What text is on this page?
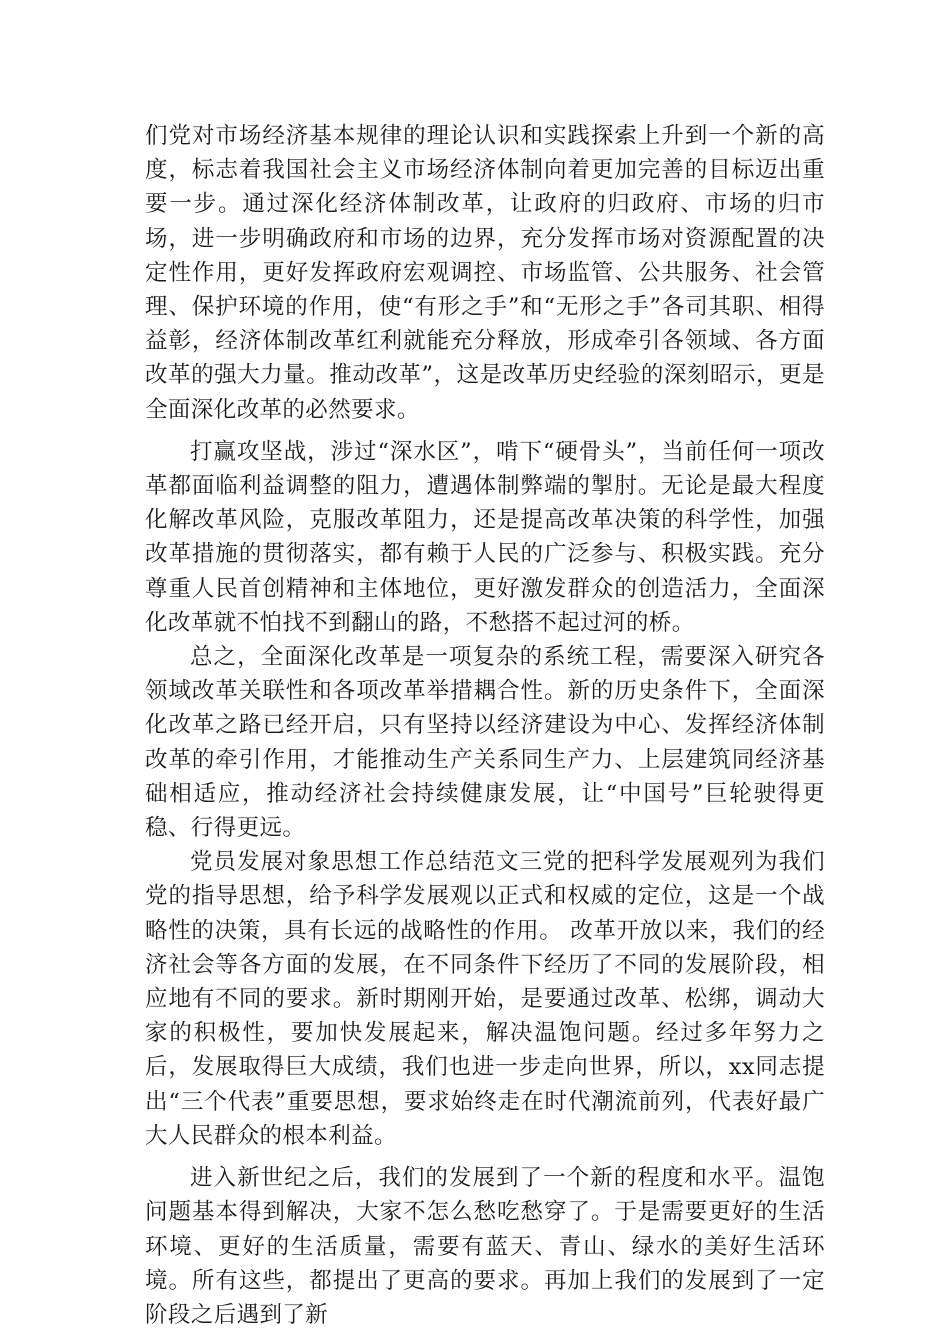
们党对市场经济基本规律的理论认识和实践探索上升到一个新的高度，标志着我国社会主义市场经济体制向着更加完善的目标迈出重要一步。通过深化经济体制改革，让政府的归政府、市场的归市场，进一步明确政府和市场的边界，充分发挥市场对资源配置的决定性作用，更好发挥政府宏观调控、市场监管、公共服务、社会管理、保护环境的作用，使“有形之手”和“无形之手”各司其职、相得益彰，经济体制改革红利就能充分释放，形成牵引各领域、各方面改革的强大力量。推动改革”，这是改革历史经验的深刻昭示，更是全面深化改革的必然要求。

打赢攻坚战，涉过“深水区”，啃下“硬骨头”，当前任何一项改革都面临利益调整的阻力，遭遇体制弊端的掣肘。无论是最大程度化解改革风险，克服改革阻力，还是提高改革决策的科学性，加强改革措施的贯彻落实，都有赖于人民的广泛参与、积极实践。充分尊重人民首创精神和主体地位，更好激发群众的创造活力，全面深化改革就不怕找不到翻山的路，不愁搭不起过河的桥。

总之，全面深化改革是一项复杂的系统工程，需要深入研究各领域改革关联性和各项改革举措耦合性。新的历史条件下，全面深化改革之路已经开启，只有坚持以经济建设为中心、发挥经济体制改革的牵引作用，才能推动生产关系同生产力、上层建筑同经济基础相适应，推动经济社会持续健康发展，让“中国号”巨轮驶得更稳、行得更远。

党员发展对象思想工作总结范文三党的把科学发展观列为我们党的指导思想，给予科学发展观以正式和权威的定位，这是一个战略性的决策，具有长远的战略性的作用。 改革开放以来，我们的经济社会等各方面的发展，在不同条件下经历了不同的发展阶段，相应地有不同的要求。新时期刚开始，是要通过改革、松绑，调动大家的积极性，要加快发展起来，解决温饱问题。经过多年努力之后，发展取得巨大成绩，我们也进一步走向世界，所以，xx同志提出“三个代表”重要思想，要求始终走在时代潮流前列，代表好最广大人民群众的根本利益。

进入新世纪之后，我们的发展到了一个新的程度和水平。温饱问题基本得到解决，大家不怎么愁吃愁穿了。于是需要更好的生活环境、更好的生活质量，需要有蓝天、青山、绿水的美好生活环境。所有这些，都提出了更高的要求。再加上我们的发展到了一定阶段之后遇到了新
